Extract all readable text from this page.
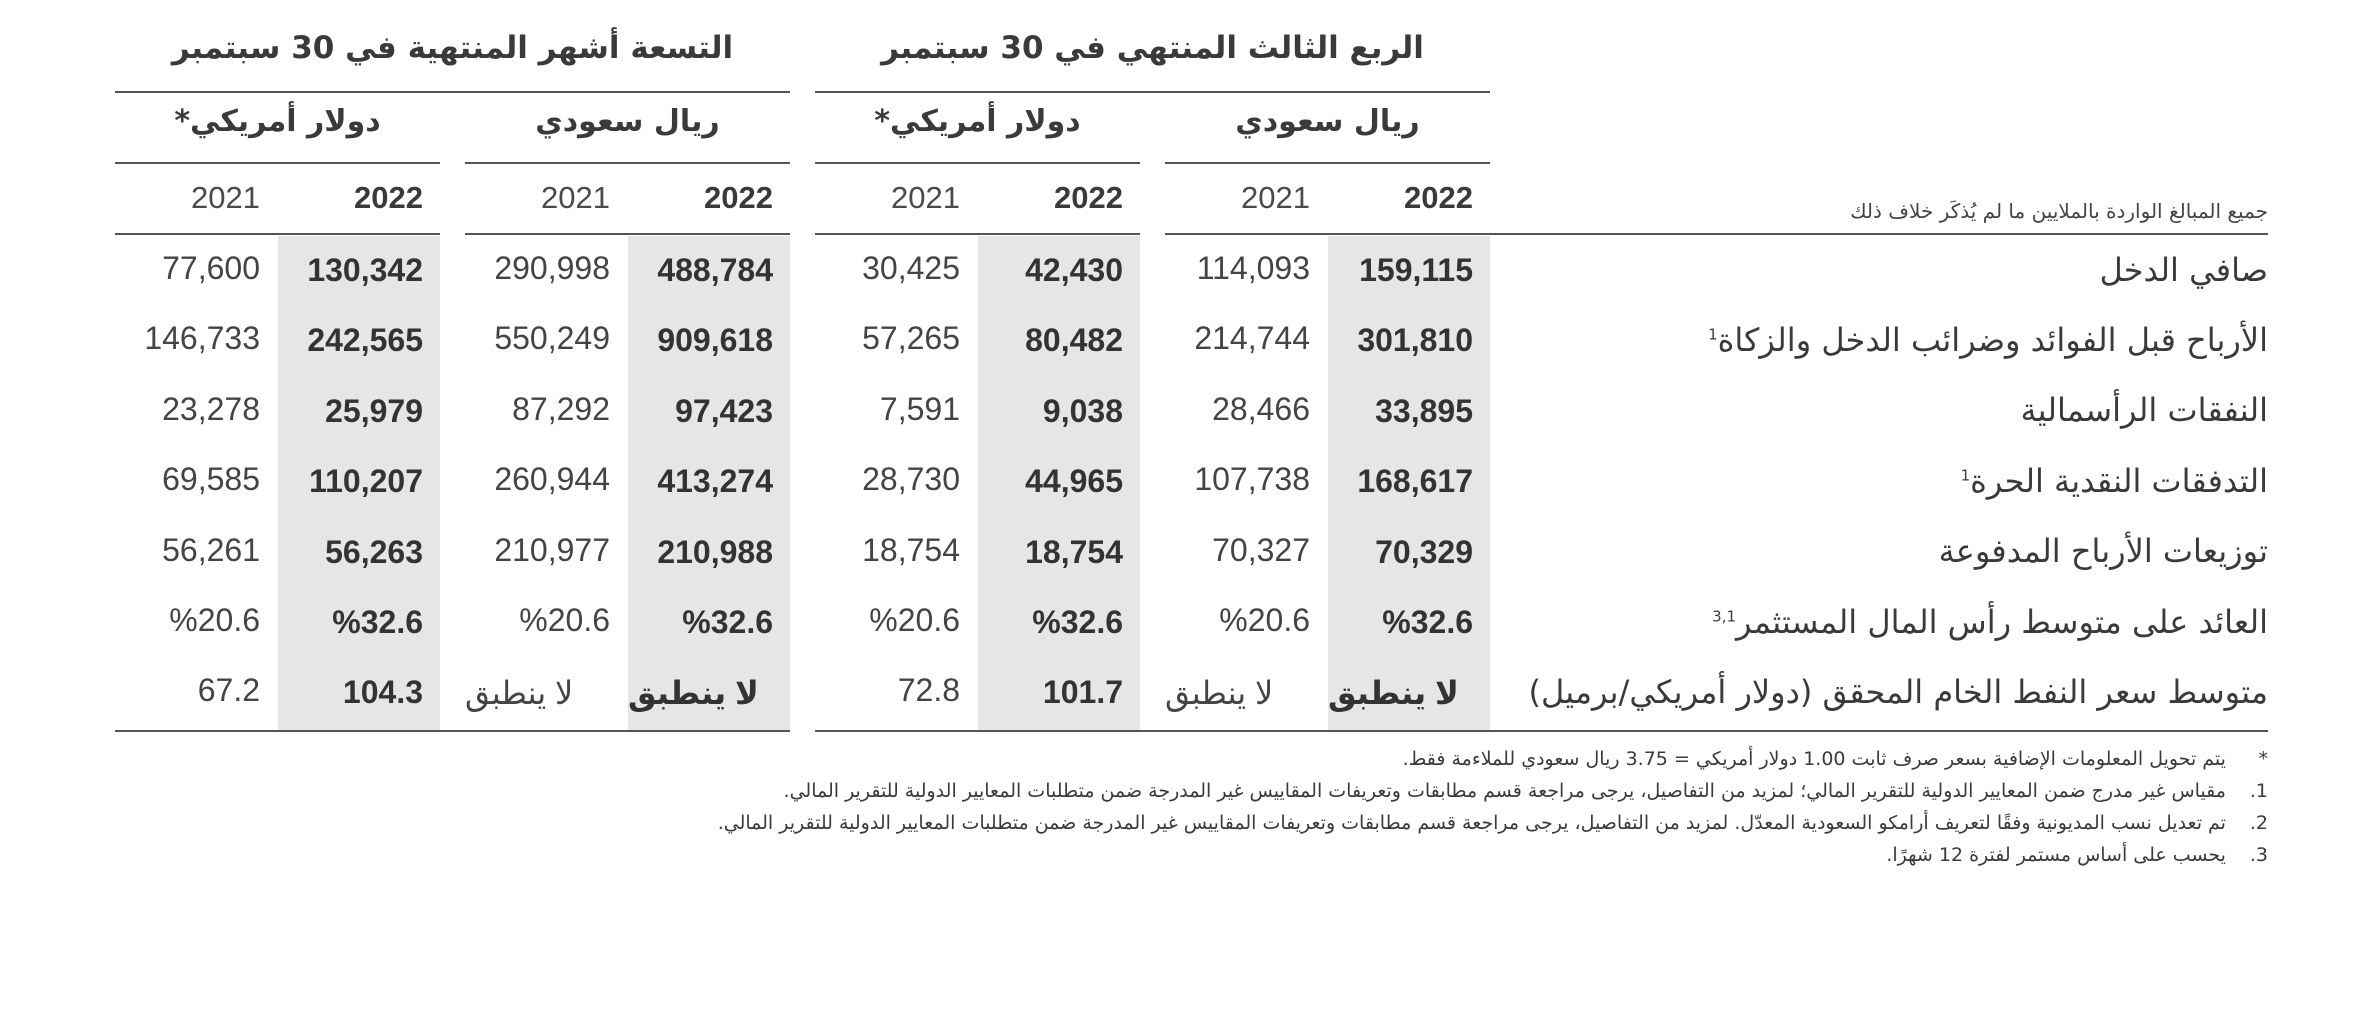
الربع الثالث المنتهي في 30 سبتمبر
التسعة أشهر المنتهية في 30 سبتمبر
ريال سعودي
دولار أمريكي*
ريال سعودي
دولار أمريكي*
2022
2021
2022
2021
2022
2021
2022
2021	جميع المبالغ الواردة بالملايين ما لم يُذكَر خلاف ذلك
صافي الدخل
159,115
114,093
42,430
30,425
488,784
290,998
130,342
77,600
الأرباح قبل الفوائد وضرائب الدخل والزكاة$^1$
301,810
214,744
80,482
57,265
909,618
550,249
242,565
146,733
النفقات الرأسمالية
33,895
28,466
9,038
7,591
97,423
87,292
25,979
23,278
التدفقات النقدية الحرة$^1$
168,617
107,738
44,965
28,730
413,274
260,944
110,207
69,585
توزيعات الأرباح المدفوعة
70,329
70,327
18,754
18,754
210,988
210,977
56,263
56,261
العائد على متوسط رأس المال المستثمر$^{3,1}$
%32.6
%20.6
%32.6
%20.6
%32.6
%20.6
%32.6
%20.6
متوسط سعر النفط الخام المحقق (دولار أمريكي/برميل)
لا ينطبق
لا ينطبق
101.7
72.8
لا ينطبق
لا ينطبق
104.3
67.2
* يتم تحويل المعلومات الإضافية بسعر صرف ثابت 1.00 دولار أمريكي = 3.75 ريال سعودي للملاءمة فقط.
1. مقياس غير مدرج ضمن المعايير الدولية للتقرير المالي؛ لمزيد من التفاصيل، يرجى مراجعة قسم مطابقات وتعريفات المقاييس غير المدرجة ضمن متطلبات المعايير الدولية للتقرير المالي.
2. تم تعديل نسب المديونية وفقًا لتعريف أرامكو السعودية المعدّل. لمزيد من التفاصيل، يرجى مراجعة قسم مطابقات وتعريفات المقاييس غير المدرجة ضمن متطلبات المعايير الدولية للتقرير المالي.
3. يحسب على أساس مستمر لفترة 12 شهرًا.
